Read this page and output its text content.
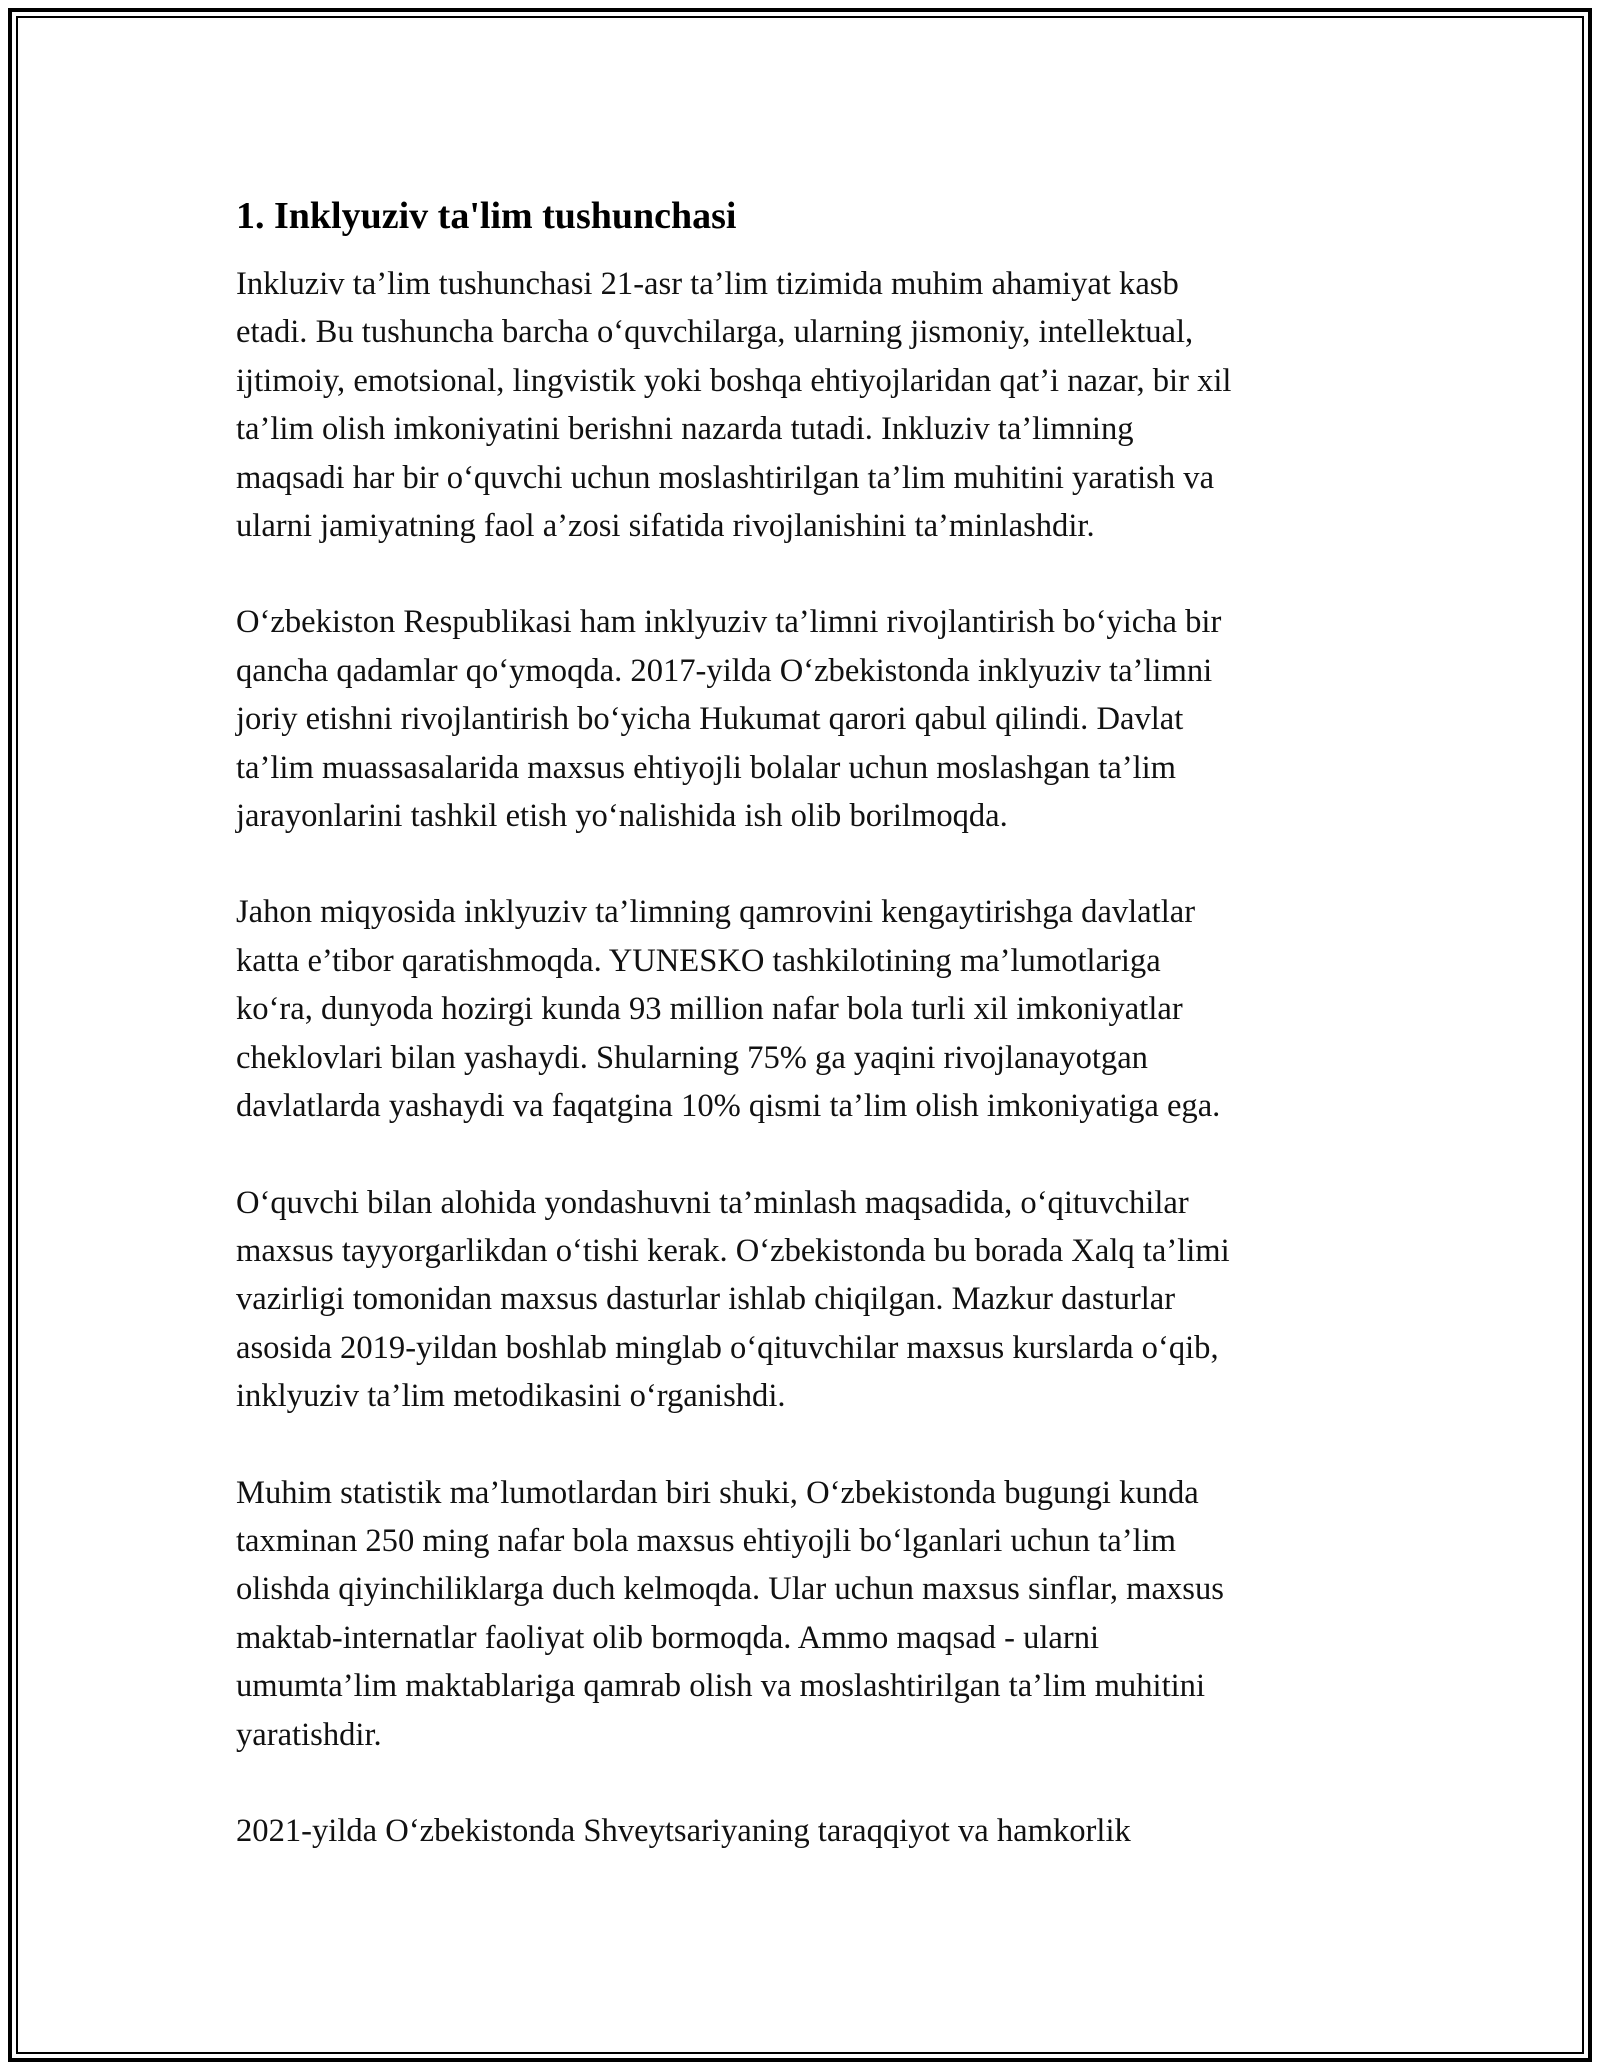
1. Inklyuziv ta'lim tushunchasi

Inkluziv ta’lim tushunchasi 21-asr ta’lim tizimida muhim ahamiyat kasb
etadi. Bu tushuncha barcha o‘quvchilarga, ularning jismoniy, intellektual,
ijtimoiy, emotsional, lingvistik yoki boshqa ehtiyojlaridan qat’i nazar, bir xil
ta’lim olish imkoniyatini berishni nazarda tutadi. Inkluziv ta’limning
maqsadi har bir o‘quvchi uchun moslashtirilgan ta’lim muhitini yaratish va
ularni jamiyatning faol a’zosi sifatida rivojlanishini ta’minlashdir.

O‘zbekiston Respublikasi ham inklyuziv ta’limni rivojlantirish bo‘yicha bir
qancha qadamlar qo‘ymoqda. 2017-yilda O‘zbekistonda inklyuziv ta’limni
joriy etishni rivojlantirish bo‘yicha Hukumat qarori qabul qilindi. Davlat
ta’lim muassasalarida maxsus ehtiyojli bolalar uchun moslashgan ta’lim
jarayonlarini tashkil etish yo‘nalishida ish olib borilmoqda.

Jahon miqyosida inklyuziv ta’limning qamrovini kengaytirishga davlatlar
katta e’tibor qaratishmoqda. YUNESKO tashkilotining ma’lumotlariga
ko‘ra, dunyoda hozirgi kunda 93 million nafar bola turli xil imkoniyatlar
cheklovlari bilan yashaydi. Shularning 75% ga yaqini rivojlanayotgan
davlatlarda yashaydi va faqatgina 10% qismi ta’lim olish imkoniyatiga ega.

O‘quvchi bilan alohida yondashuvni ta’minlash maqsadida, o‘qituvchilar
maxsus tayyorgarlikdan o‘tishi kerak. O‘zbekistonda bu borada Xalq ta’limi
vazirligi tomonidan maxsus dasturlar ishlab chiqilgan. Mazkur dasturlar
asosida 2019-yildan boshlab minglab o‘qituvchilar maxsus kurslarda o‘qib,
inklyuziv ta’lim metodikasini o‘rganishdi.

Muhim statistik ma’lumotlardan biri shuki, O‘zbekistonda bugungi kunda
taxminan 250 ming nafar bola maxsus ehtiyojli bo‘lganlari uchun ta’lim
olishda qiyinchiliklarga duch kelmoqda. Ular uchun maxsus sinflar, maxsus
maktab-internatlar faoliyat olib bormoqda. Ammo maqsad - ularni
umumta’lim maktablariga qamrab olish va moslashtirilgan ta’lim muhitini
yaratishdir.

2021-yilda O‘zbekistonda Shveytsariyaning taraqqiyot va hamkorlik
